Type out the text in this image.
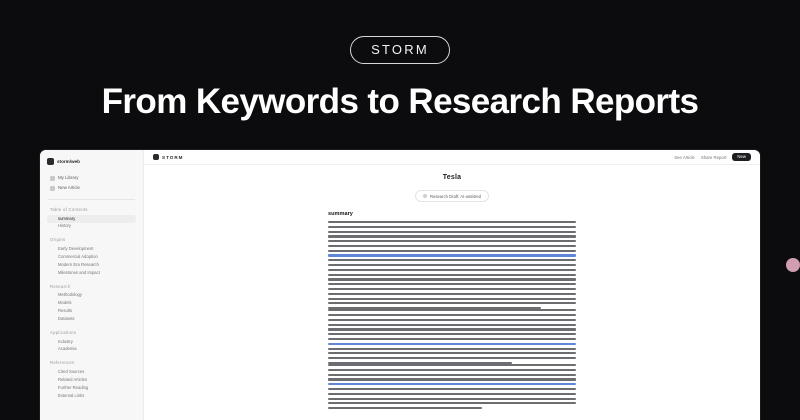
STORM
From Keywords to Research Reports
storm/web
My Library
New Article
Table of Contents
summary
History
Origins
Early Development
Commercial Adoption
Modern Era Research
Milestones and Impact
Research
Methodology
Models
Results
Datasets
Applications
Industry
Academia
References
Cited Sources
Related Articles
Further Reading
External Links
STORM	See Article Share Report	New
Tesla
Research Draft: AI-assisted
summary
